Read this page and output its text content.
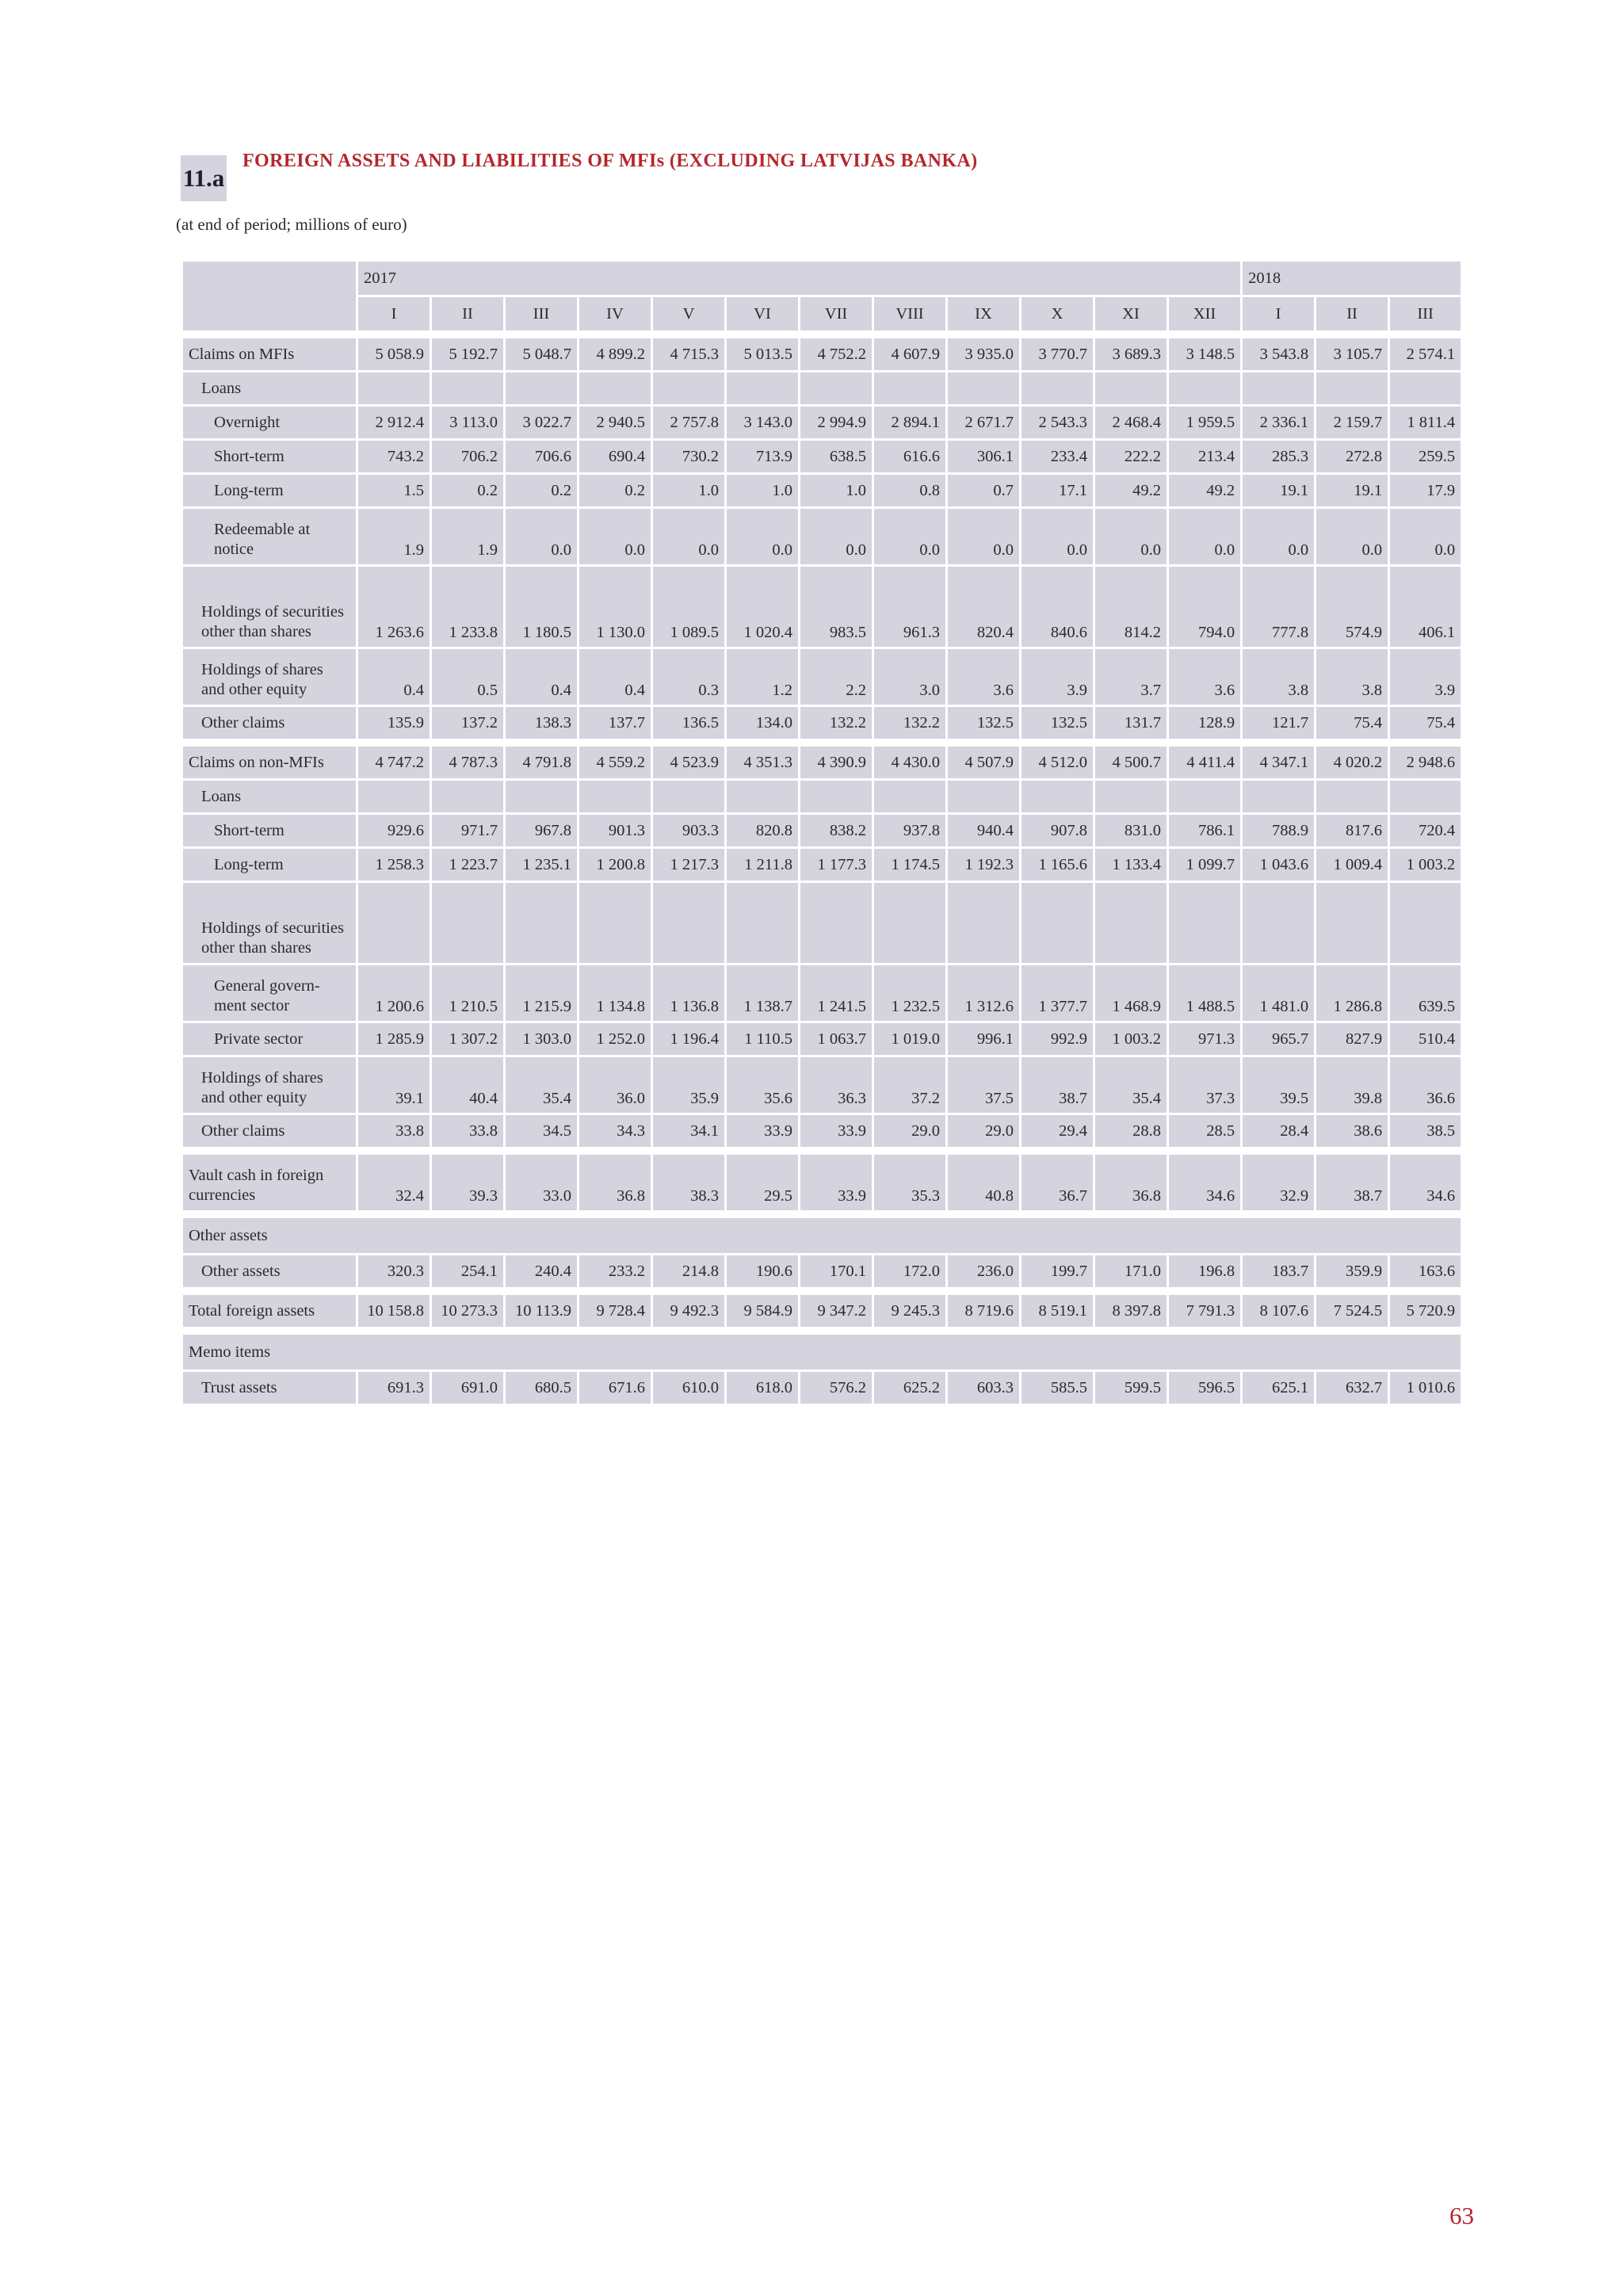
11.a
FOREIGN ASSETS AND LIABILITIES OF MFIs (EXCLUDING LATVIJAS BANKA)
(at end of period; millions of euro)
	2017												2018		
	I	II	III	IV	V	VI	VII	VIII	IX	X	XI	XII	I	II	III

Claims on MFIs	5 058.9	5 192.7	5 048.7	4 899.2	4 715.3	5 013.5	4 752.2	4 607.9	3 935.0	3 770.7	3 689.3	3 148.5	3 543.8	3 105.7	2 574.1
Loans															
Overnight	2 912.4	3 113.0	3 022.7	2 940.5	2 757.8	3 143.0	2 994.9	2 894.1	2 671.7	2 543.3	2 468.4	1 959.5	2 336.1	2 159.7	1 811.4
Short-term	743.2	706.2	706.6	690.4	730.2	713.9	638.5	616.6	306.1	233.4	222.2	213.4	285.3	272.8	259.5
Long-term	1.5	0.2	0.2	0.2	1.0	1.0	1.0	0.8	0.7	17.1	49.2	49.2	19.1	19.1	17.9
Redeemable at notice	1.9	1.9	0.0	0.0	0.0	0.0	0.0	0.0	0.0	0.0	0.0	0.0	0.0	0.0	0.0
Holdings of securities other than shares	1 263.6	1 233.8	1 180.5	1 130.0	1 089.5	1 020.4	983.5	961.3	820.4	840.6	814.2	794.0	777.8	574.9	406.1
Holdings of shares and other equity	0.4	0.5	0.4	0.4	0.3	1.2	2.2	3.0	3.6	3.9	3.7	3.6	3.8	3.8	3.9
Other claims	135.9	137.2	138.3	137.7	136.5	134.0	132.2	132.2	132.5	132.5	131.7	128.9	121.7	75.4	75.4

Claims on non-MFIs	4 747.2	4 787.3	4 791.8	4 559.2	4 523.9	4 351.3	4 390.9	4 430.0	4 507.9	4 512.0	4 500.7	4 411.4	4 347.1	4 020.2	2 948.6
Loans															
Short-term	929.6	971.7	967.8	901.3	903.3	820.8	838.2	937.8	940.4	907.8	831.0	786.1	788.9	817.6	720.4
Long-term	1 258.3	1 223.7	1 235.1	1 200.8	1 217.3	1 211.8	1 177.3	1 174.5	1 192.3	1 165.6	1 133.4	1 099.7	1 043.6	1 009.4	1 003.2
Holdings of securities other than shares															
General govern- ment sector	1 200.6	1 210.5	1 215.9	1 134.8	1 136.8	1 138.7	1 241.5	1 232.5	1 312.6	1 377.7	1 468.9	1 488.5	1 481.0	1 286.8	639.5
Private sector	1 285.9	1 307.2	1 303.0	1 252.0	1 196.4	1 110.5	1 063.7	1 019.0	996.1	992.9	1 003.2	971.3	965.7	827.9	510.4
Holdings of shares and other equity	39.1	40.4	35.4	36.0	35.9	35.6	36.3	37.2	37.5	38.7	35.4	37.3	39.5	39.8	36.6
Other claims	33.8	33.8	34.5	34.3	34.1	33.9	33.9	29.0	29.0	29.4	28.8	28.5	28.4	38.6	38.5

Vault cash in foreign currencies	32.4	39.3	33.0	36.8	38.3	29.5	33.9	35.3	40.8	36.7	36.8	34.6	32.9	38.7	34.6

Other assets															
Other assets	320.3	254.1	240.4	233.2	214.8	190.6	170.1	172.0	236.0	199.7	171.0	196.8	183.7	359.9	163.6

Total foreign assets	10 158.8	10 273.3	10 113.9	9 728.4	9 492.3	9 584.9	9 347.2	9 245.3	8 719.6	8 519.1	8 397.8	7 791.3	8 107.6	7 524.5	5 720.9

Memo items															
Trust assets	691.3	691.0	680.5	671.6	610.0	618.0	576.2	625.2	603.3	585.5	599.5	596.5	625.1	632.7	1 010.6
63
